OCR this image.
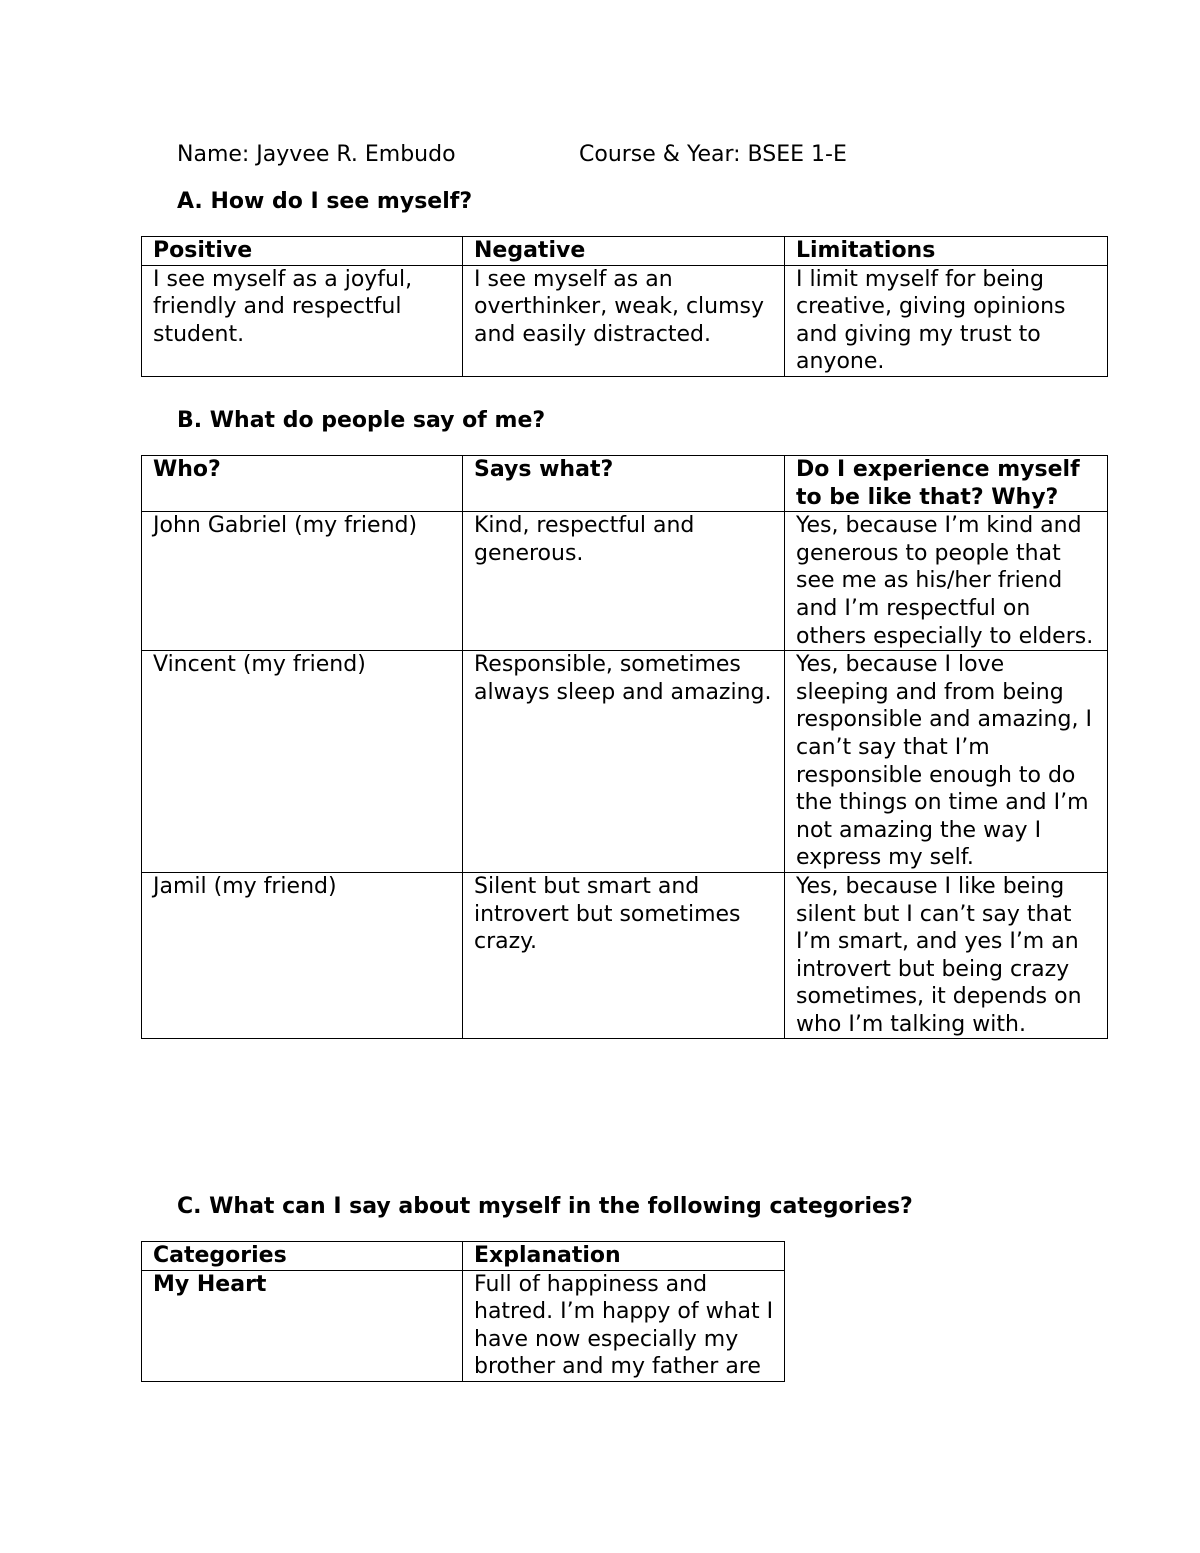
Name: Jayvee R. Embudo	Course & Year: BSEE 1-E
A. How do I see myself?
Positive	Negative	Limitations
I see myself as a joyful, friendly and respectful student.	I see myself as an overthinker, weak, clumsy and easily distracted.	I limit myself for being creative, giving opinions and giving my trust to anyone.
B. What do people say of me?
Who?	Says what?	Do I experience myself to be like that? Why?
John Gabriel (my friend)	Kind, respectful and generous.	Yes, because I’m kind and generous to people that see me as his/her friend and I’m respectful on others especially to elders.
Vincent (my friend)	Responsible, sometimes always sleep and amazing.	Yes, because I love sleeping and from being responsible and amazing, I can’t say that I’m responsible enough to do the things on time and I’m not amazing the way I express my self.
Jamil (my friend)	Silent but smart and introvert but sometimes crazy.	Yes, because I like being silent but I can’t say that I’m smart, and yes I’m an introvert but being crazy sometimes, it depends on who I’m talking with.
C. What can I say about myself in the following categories?
Categories	Explanation
My Heart	Full of happiness and hatred. I’m happy of what I have now especially my brother and my father are
